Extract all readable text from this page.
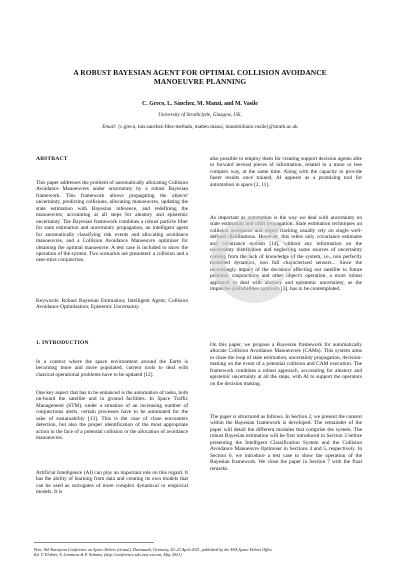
A ROBUST BAYESIAN AGENT FOR OPTIMAL COLLISION AVOIDANCE
MANOEUVRE PLANNING
C. Greco, L. Sánchez, M. Manzi, and M. Vasile
University of Strathclyde, Glasgow, UK,
Email: {c.greco, luis.sanchez-fdez-mellado, matteo.manzi, massimiliano.vasile}@strath.ac.uk
ABSTRACT
This paper addresses the problem of automatically allocating Collision Avoidance Manoeuvres under uncertainty by a robust Bayesian framework. This framework allows propagating the objects' uncertainty, predicting collisions, allocating manoeuvres, updating the state estimation with Bayesian inference, and redefining the manoeuvres, accounting at all steps for aleatory and epistemic uncertainty. The Bayesian framework combines a robust particle filter for state estimation and uncertainty propagation, an intelligent agent for automatically classifying risk events and allocating avoidance manoeuvres, and a Collision Avoidance Manoeuvre optimiser for obtaining the optimal manoeuvre. A test case is included to show the operation of the system. Two scenarios are presented: a collision and a near-miss conjunction.
Keywords: Robust Bayesian Estimation; Intelligent Agent; Collision Avoidance Optimisation; Epistemic Uncertainty.
1. INTRODUCTION
In a context where the space environment around the Earth is becoming more and more populated, current tools to deal with classical operational problems have to be updated [12].
One key aspect that has to be enhanced is the automation of tasks, both on-board the satellite and in ground facilities. In Space Traffic Management (STM), under a situation of an increasing number of conjunctions alerts, certain processes have to be automated for the sake of sustainability [13]. This is the case of close encounters detection, but also the proper identification of the most appropriate action in the face of a potential collision or the allocation of avoidance manoeuvres.
Artificial Intelligence (AI) can play an important role on this regard. It has the ability of learning from data and creating its own models that can be used as surrogates of more complex dynamical or empirical models. It is
also possible to employ them for creating support decision agents able to forward several pieces of information, related in a more or less complex way, at the same time. Along with the capacity to provide faster results once trained, AI appears as a promising tool for automation in space [2, 11].
As important as automation is the way we deal with uncertainty on state estimation and orbit propagation. State estimation techniques on collision avoidance and object tracking usually rely on single well-defined distributions. However, this relies only covariance estimates and covariance realism [14], without any information on the uncertainty distribution and neglecting some sources of uncertainty coming from the lack of knowledge of the system, i.e., non perfectly modelled dynamics, non full characterised sensors... Since the increasingly impact of the decisions affecting our satellite to future potential conjunctions and other object's operation, a more robust approach to deal with aleatory and epistemic uncertainty, as the imprecise probabilities approach [3], has to be contemplated.
On this paper, we propose a Bayesian framework for automatically allocate Collision Avoidance Manoeuvres (CAMs). This system aims to close the loop of state estimation, uncertainty propagation, decision-making on the event of a potential collision and CAM execution. The framework combines a robust approach, accounting for aleatory and epistemic uncertainty at all the steps, with AI to support the operators on the decision making.
The paper is structured as follows. In Section 2, we present the context within the Bayesian framework is developed. The remainder of the paper will detail the different modules that comprise the system. The robust Bayesian estimation will be first introduced in Section 3 before presenting the Intelligent Classification System and the Collision Avoidance Manoeuvre Optimiser in Sections 4 and 5, respectively. In Section 6, we introduce a test case to show the operation of the Bayesian framework. We close the paper in Section 7 with the final remarks.
Proc. 8th European Conference on Space Debris (virtual), Darmstadt, Germany, 20–23 April 2021, published by the ESA Space Debris Office
Ed. T. Flohrer, S. Lemmens & F. Schmitz, (http://conference.sdo.esoc.esa.int, May 2021)
